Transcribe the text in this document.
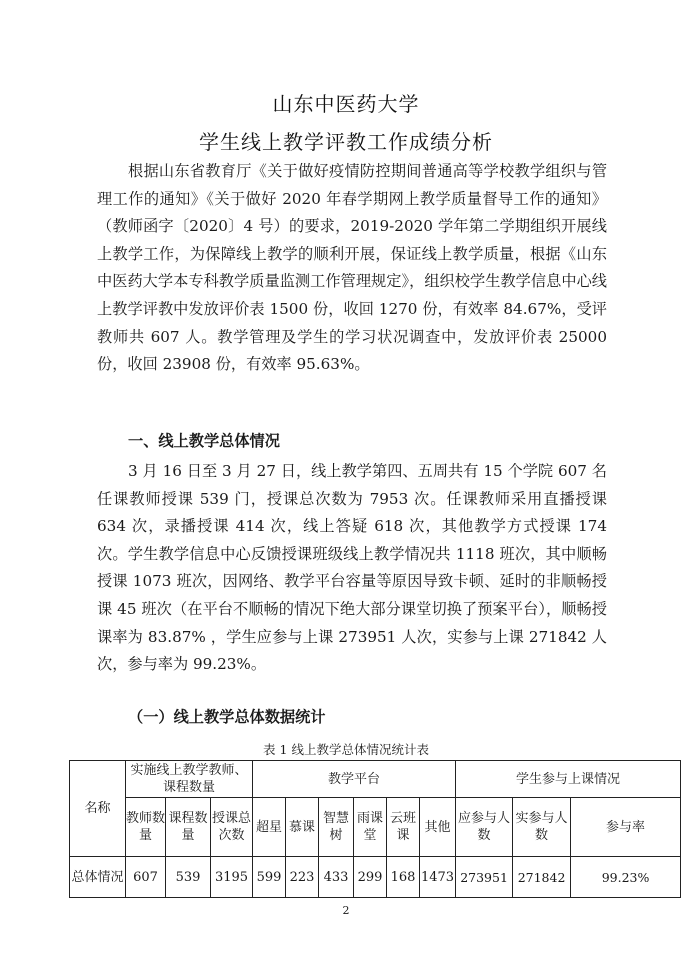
山东中医药大学
学生线上教学评教工作成绩分析

根据山东省教育厅《关于做好疫情防控期间普通高等学校教学组织与管理工作的通知》《关于做好 2020 年春学期网上教学质量督导工作的通知》（教师函字〔2020〕4 号）的要求，2019-2020 学年第二学期组织开展线上教学工作，为保障线上教学的顺利开展，保证线上教学质量，根据《山东中医药大学本专科教学质量监测工作管理规定》，组织校学生教学信息中心线上教学评教中发放评价表 1500 份，收回 1270 份，有效率 84.67%，受评教师共 607 人。教学管理及学生的学习状况调查中，发放评价表 25000 份，收回 23908 份，有效率 95.63%。

一、线上教学总体情况

3 月 16 日至 3 月 27 日，线上教学第四、五周共有 15 个学院 607 名任课教师授课 539 门，授课总次数为 7953 次。任课教师采用直播授课 634 次，录播授课 414 次，线上答疑 618 次，其他教学方式授课 174 次。学生教学信息中心反馈授课班级线上教学情况共 1118 班次，其中顺畅授课 1073 班次，因网络、教学平台容量等原因导致卡顿、延时的非顺畅授课 45 班次（在平台不顺畅的情况下绝大部分课堂切换了预案平台），顺畅授课率为 83.87% ，学生应参与上课 273951 人次，实参与上课 271842 人次，参与率为 99.23%。

（一）线上教学总体数据统计

表 1 线上教学总体情况统计表
名称	实施线上教学教师、课程数量			教学平台						学生参与上课情况		
	教师数量	课程数量	授课总次数	超星	慕课	智慧树	雨课堂	云班课	其他	应参与人数	实参与人数	参与率
总体情况	607	539	3195	599	223	433	299	168	1473	273951	271842	99.23%
2
